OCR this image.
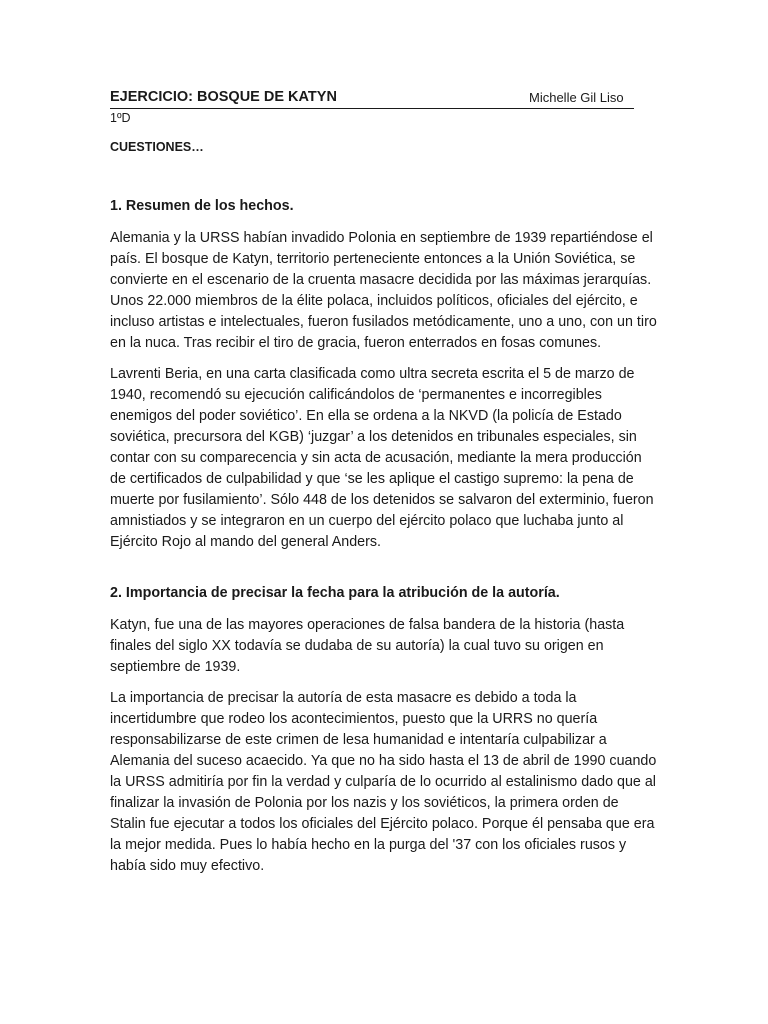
EJERCICIO: BOSQUE DE KATYN	Michelle Gil Liso
1ºD
CUESTIONES…
1. Resumen de los hechos.

Alemania y la URSS habían invadido Polonia en septiembre de 1939 repartiéndose el país. El bosque de Katyn, territorio perteneciente entonces a la Unión Soviética, se convierte en el escenario de la cruenta masacre decidida por las máximas jerarquías. Unos 22.000 miembros de la élite polaca, incluidos políticos, oficiales del ejército, e incluso artistas e intelectuales, fueron fusilados metódicamente, uno a uno, con un tiro en la nuca. Tras recibir el tiro de gracia, fueron enterrados en fosas comunes.

Lavrenti Beria, en una carta clasificada como ultra secreta escrita el 5 de marzo de 1940, recomendó su ejecución calificándolos de ‘permanentes e incorregibles enemigos del poder soviético’. En ella se ordena a la NKVD (la policía de Estado soviética, precursora del KGB) ‘juzgar’ a los detenidos en tribunales especiales, sin contar con su comparecencia y sin acta de acusación, mediante la mera producción de certificados de culpabilidad y que ‘se les aplique el castigo supremo: la pena de muerte por fusilamiento’. Sólo 448 de los detenidos se salvaron del exterminio, fueron amnistiados y se integraron en un cuerpo del ejército polaco que luchaba junto al Ejército Rojo al mando del general Anders.

2. Importancia de precisar la fecha para la atribución de la autoría.

Katyn, fue una de las mayores operaciones de falsa bandera de la historia (hasta finales del siglo XX todavía se dudaba de su autoría) la cual tuvo su origen en septiembre de 1939.

La importancia de precisar la autoría de esta masacre es debido a toda la incertidumbre que rodeo los acontecimientos, puesto que la URRS no quería responsabilizarse de este crimen de lesa humanidad e intentaría culpabilizar a Alemania del suceso acaecido. Ya que no ha sido hasta el 13 de abril de 1990 cuando la URSS admitiría por fin la verdad y culparía de lo ocurrido al estalinismo dado que al finalizar la invasión de Polonia por los nazis y los soviéticos, la primera orden de Stalin fue ejecutar a todos los oficiales del Ejército polaco. Porque él pensaba que era la mejor medida. Pues lo había hecho en la purga del '37 con los oficiales rusos y había sido muy efectivo.
